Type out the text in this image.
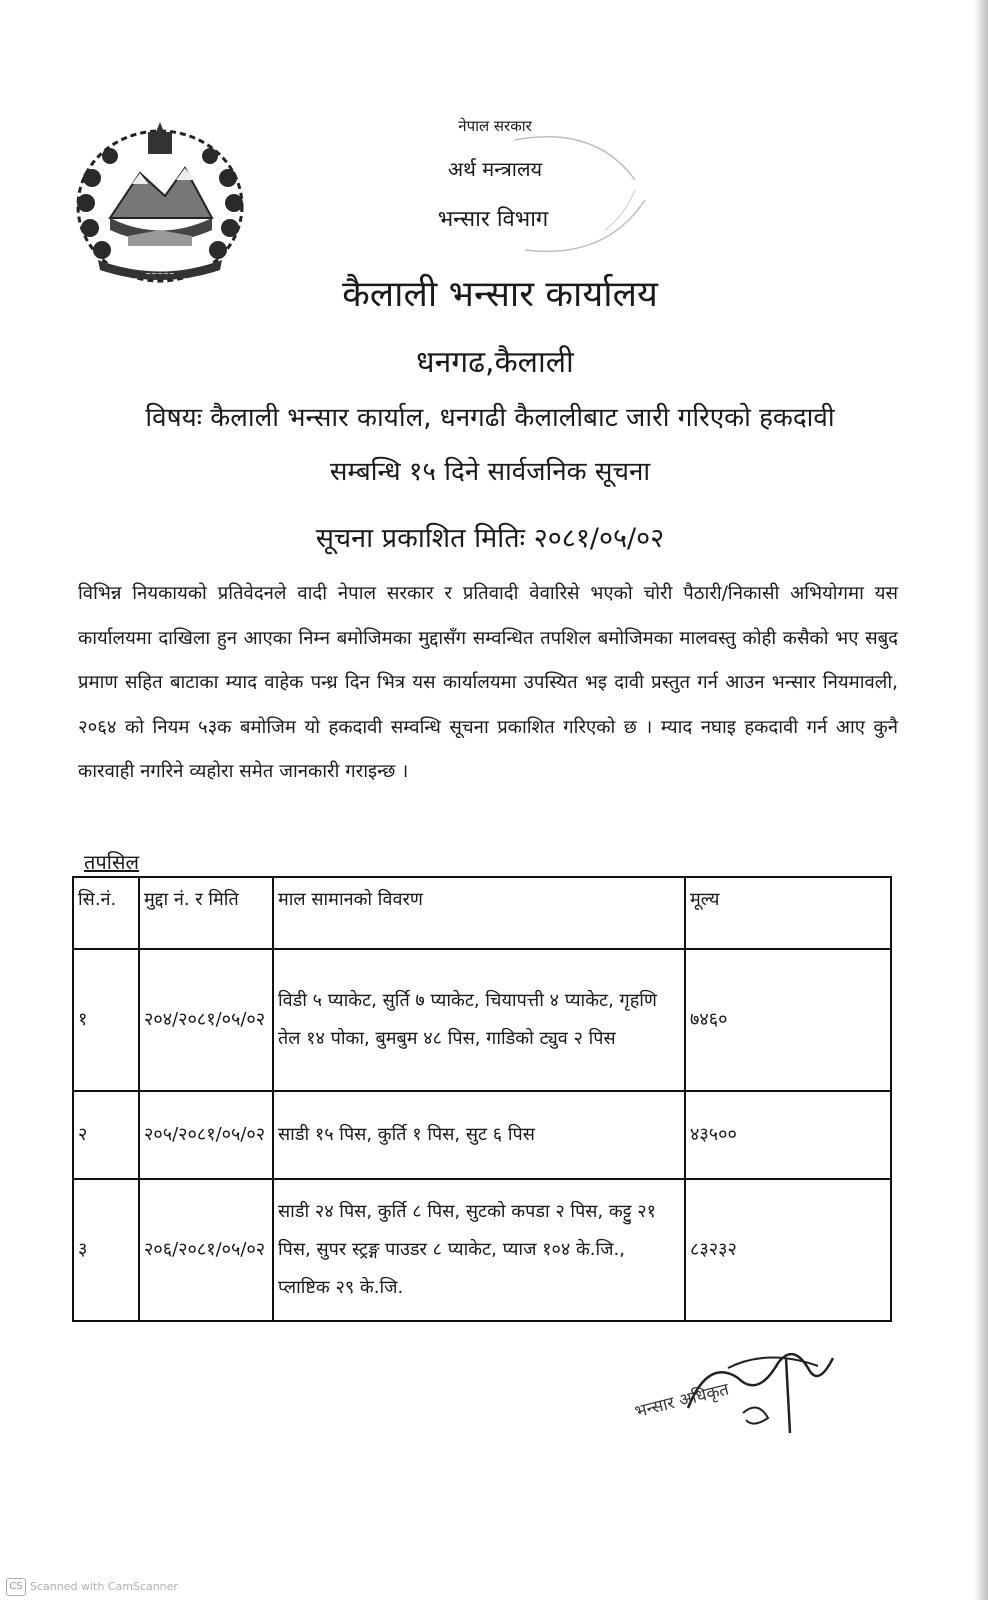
~~~~~
नेपाल सरकार
अर्थ मन्त्रालय
भन्सार विभाग
कैलाली भन्सार कार्यालय
धनगढ,कैलाली
विषयः कैलाली भन्सार कार्याल, धनगढी कैलालीबाट जारी गरिएको हकदावी
सम्बन्धि १५ दिने सार्वजनिक सूचना
सूचना प्रकाशित मितिः २०८१/०५/०२
विभिन्न नियकायको प्रतिवेदनले वादी नेपाल सरकार र प्रतिवादी वेवारिसे भएको चोरी पैठारी/निकासी अभियोगमा यस कार्यालयमा दाखिला हुन आएका निम्न बमोजिमका मुद्दासँग सम्वन्धित तपशिल बमोजिमका मालवस्तु कोही कसैको भए सबुद प्रमाण सहित बाटाका म्याद वाहेक पन्ध्र दिन भित्र यस कार्यालयमा उपस्यित भइ दावी प्रस्तुत गर्न आउन भन्सार नियमावली, २०६४ को नियम ५३क बमोजिम यो हकदावी सम्वन्धि सूचना प्रकाशित गरिएको छ । म्याद नघाइ हकदावी गर्न आए कुनै कारवाही नगरिने व्यहोरा समेत जानकारी गराइन्छ ।
तपसिल
सि.नं.	मुद्दा नं. र मिति	माल सामानको विवरण	मूल्य
१	२०४/२०८१/०५/०२	विडी ५ प्याकेट, सुर्ति ७ प्याकेट, चियापत्ती ४ प्याकेट, गृहणि तेल १४ पोका, बुमबुम ४८ पिस, गाडिको ट्युव २ पिस	७४६०
२	२०५/२०८१/०५/०२	साडी १५ पिस, कुर्ति १ पिस, सुट ६ पिस	४३५००
३	२०६/२०८१/०५/०२	साडी २४ पिस, कुर्ति ८ पिस, सुटको कपडा २ पिस, कट्टु २१ पिस, सुपर स्ट्रङ्ग पाउडर ८ प्याकेट, प्याज १०४ के.जि., प्लाष्टिक २९ के.जि.	८३२३२
भन्सार अधिकृत
CS Scanned with CamScanner
